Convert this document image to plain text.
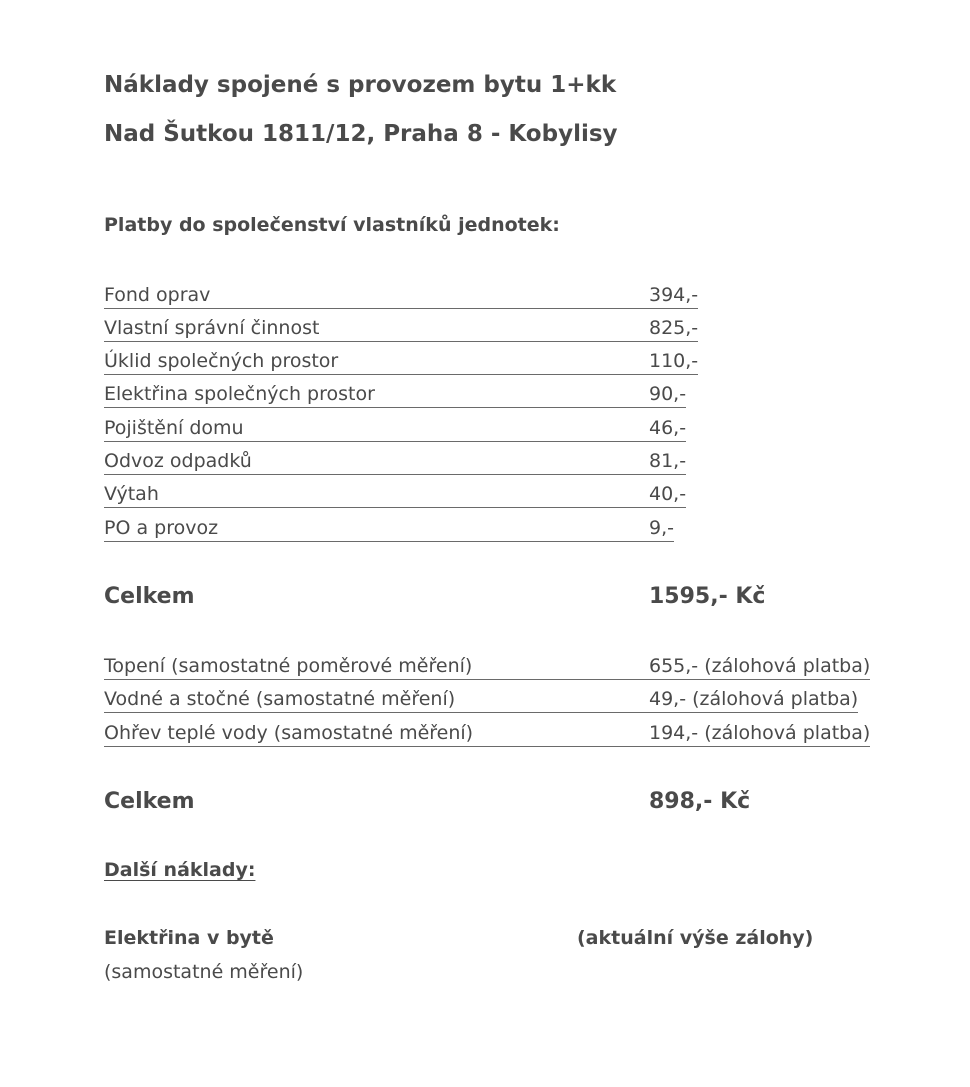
Náklady spojené s provozem bytu 1+kk
Nad Šutkou 1811/12, Praha 8 - Kobylisy
Platby do společenství vlastníků jednotek:
Fond oprav	394,-
Vlastní správní činnost	825,-
Úklid společných prostor	110,-
Elektřina společných prostor	90,-
Pojištění domu	46,-
Odvoz odpadků	81,-
Výtah	40,-
PO a provoz	9,-
Celkem	1595,- Kč
Topení (samostatné poměrové měření)	655,- (zálohová platba)
Vodné a stočné (samostatné měření)	49,- (zálohová platba)
Ohřev teplé vody (samostatné měření)	194,- (zálohová platba)
Celkem	898,- Kč
Další náklady:
Elektřina v bytě	(aktuální výše zálohy)
(samostatné měření)
